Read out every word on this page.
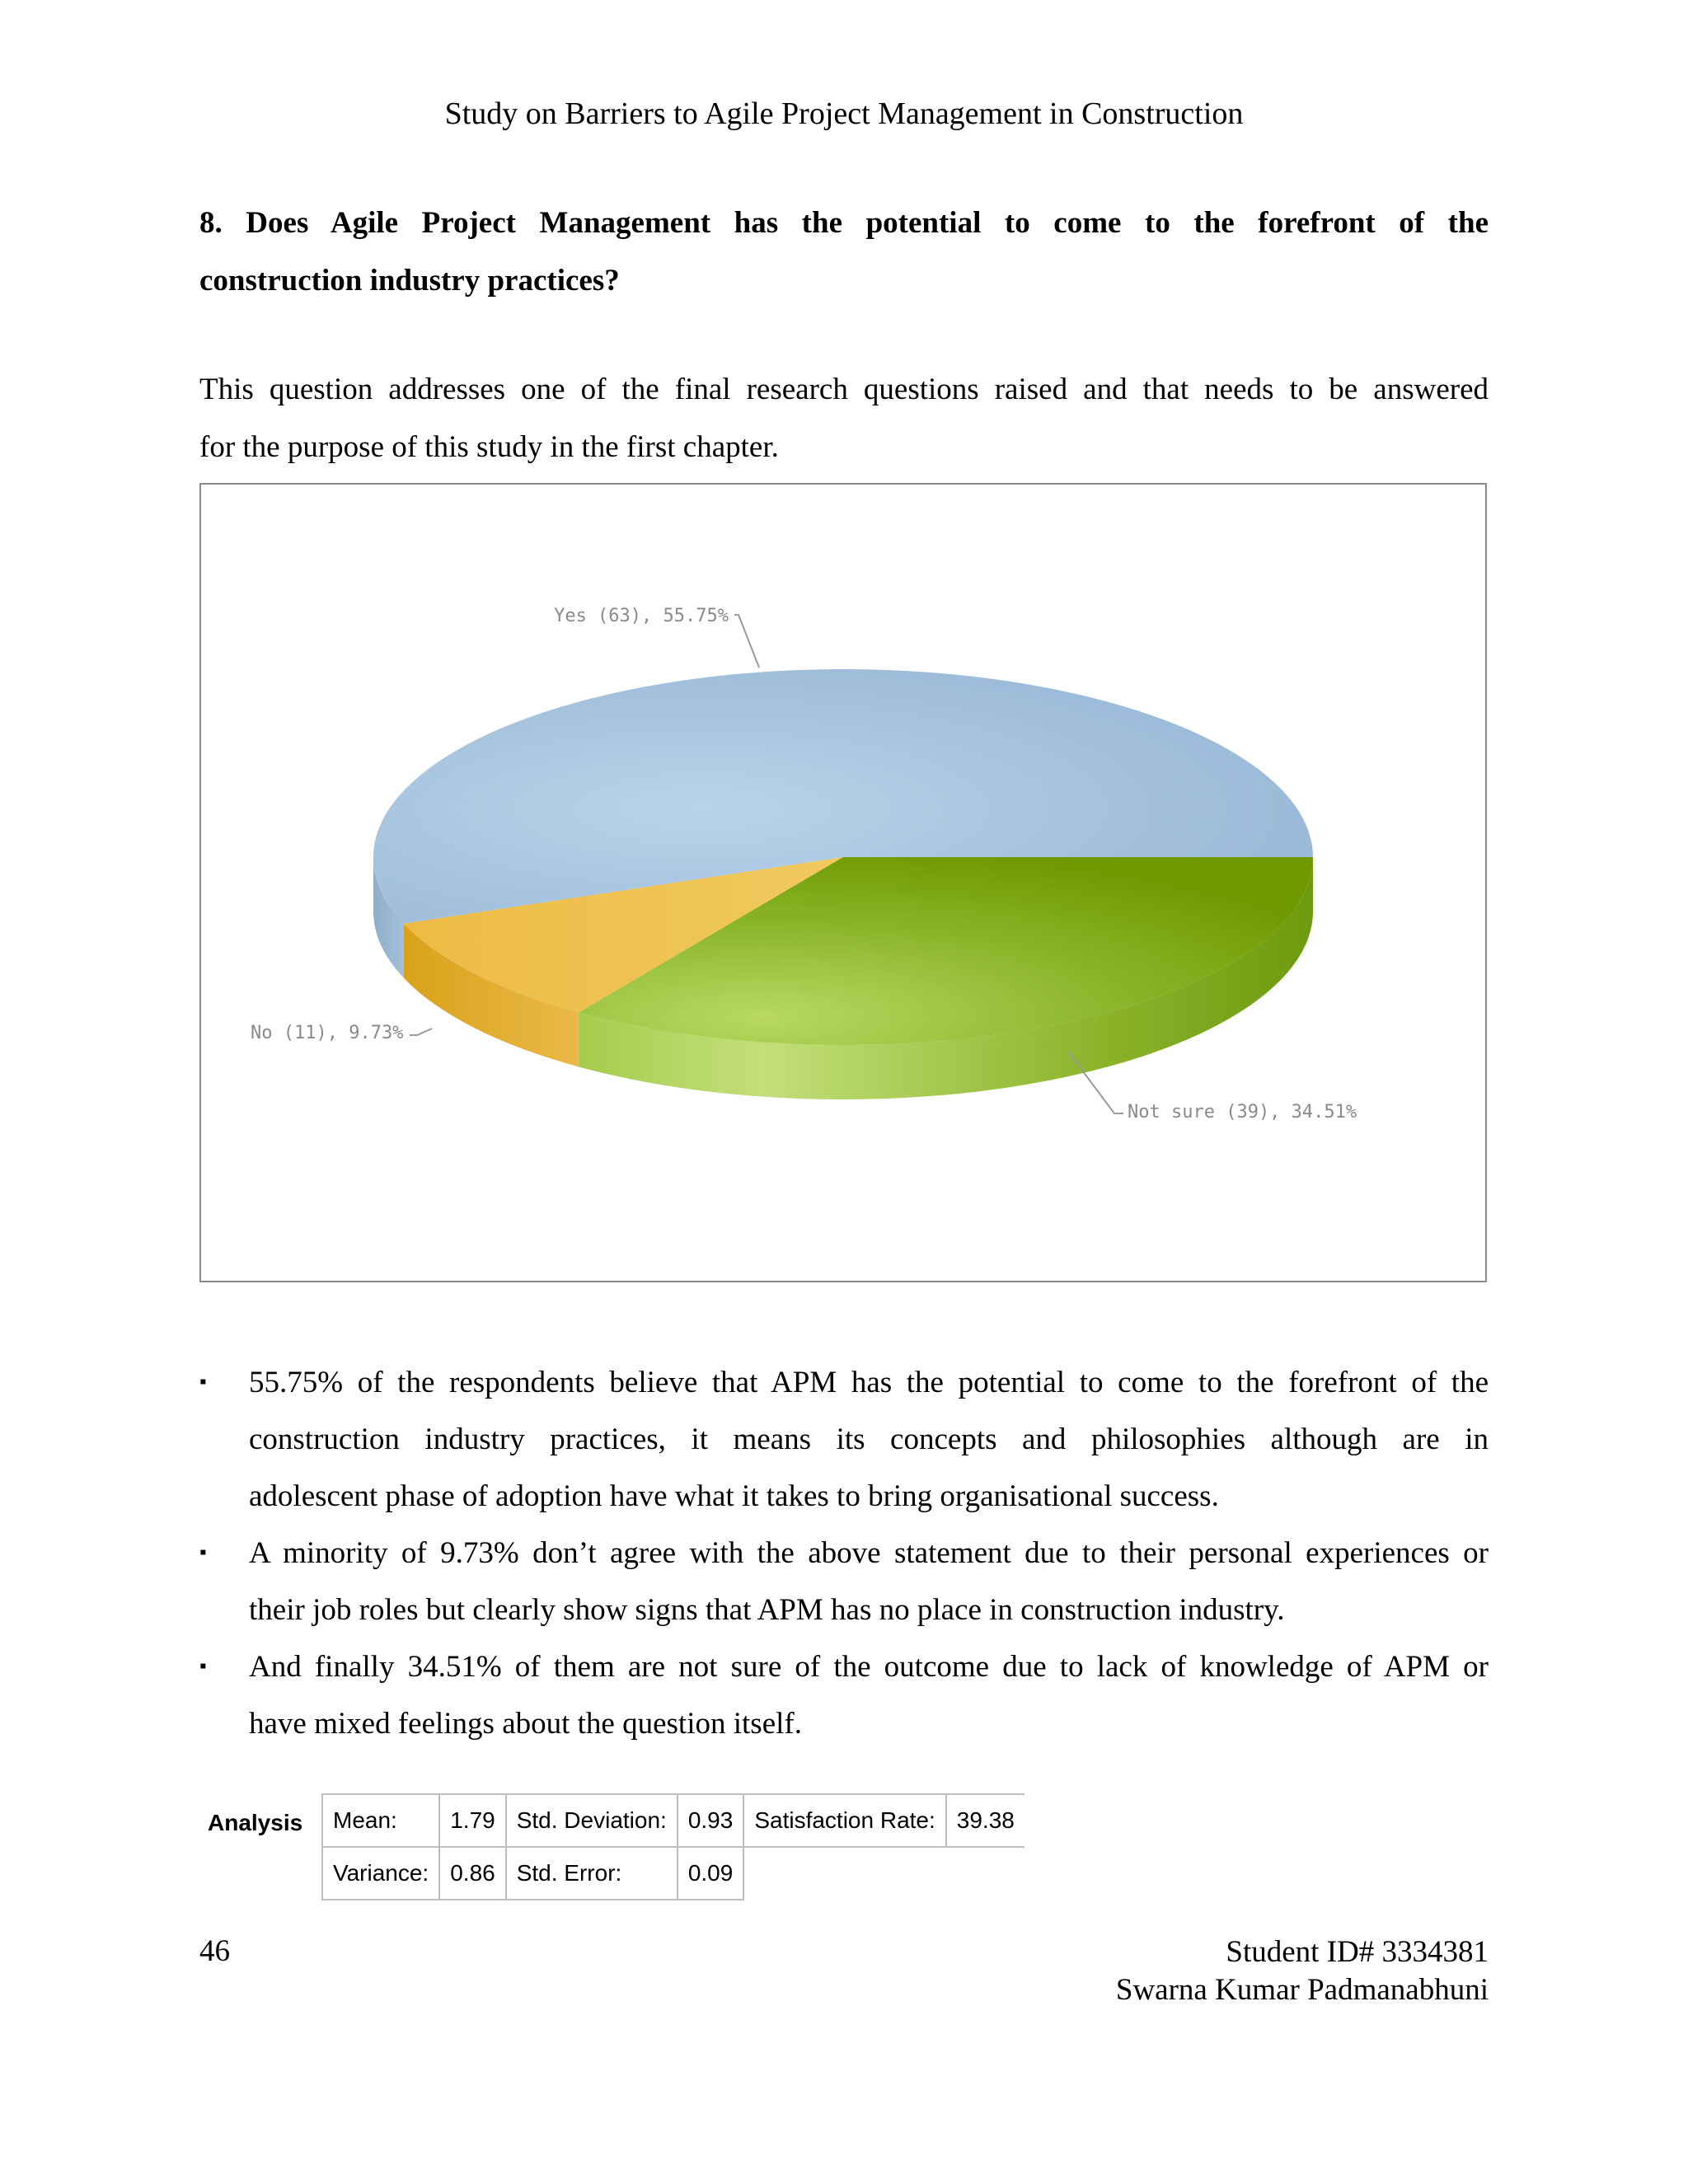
Study on Barriers to Agile Project Management in Construction
8. Does Agile Project Management has the potential to come to the forefront of the
construction industry practices?
This question addresses one of the final research questions raised and that needs to be answered
for the purpose of this study in the first chapter.
Yes (63), 55.75%
No (11), 9.73%
Not sure (39), 34.51%
▪ 55.75% of the respondents believe that APM has the potential to come to the forefront of the
construction industry practices, it means its concepts and philosophies although are in
adolescent phase of adoption have what it takes to bring organisational success.
▪ A minority of 9.73% don’t agree with the above statement due to their personal experiences or
their job roles but clearly show signs that APM has no place in construction industry.
▪ And finally 34.51% of them are not sure of the outcome due to lack of knowledge of APM or
have mixed feelings about the question itself.
Analysis Mean:	1.79	Std. Deviation:	0.93	Satisfaction Rate:	39.38
Variance:	0.86	Std. Error:	0.09		
46	Student ID# 3334381
Swarna Kumar Padmanabhuni
